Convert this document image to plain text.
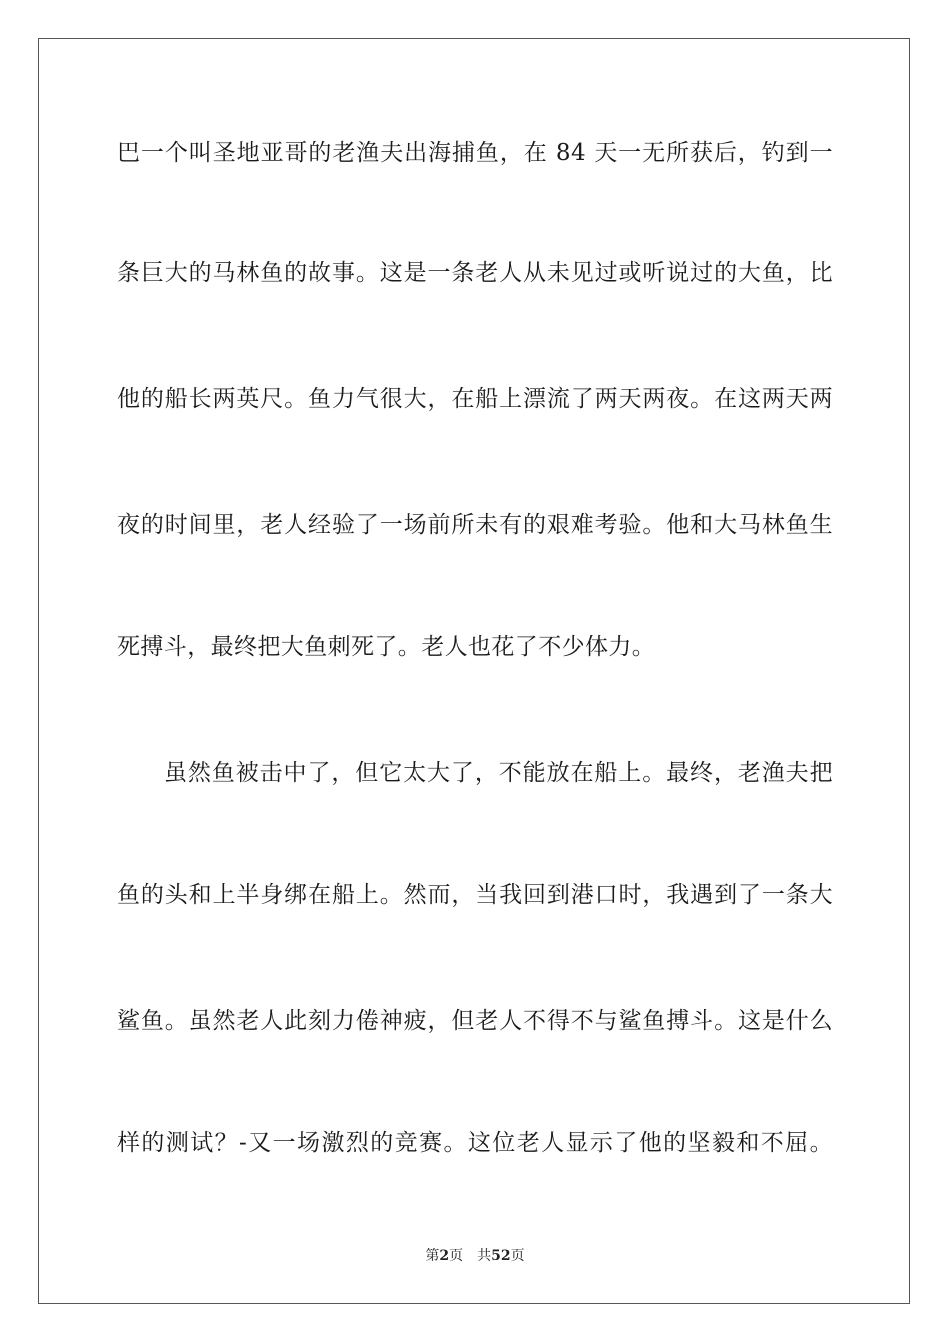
巴一个叫圣地亚哥的老渔夫出海捕鱼，在 84 天一无所获后，钓到一
条巨大的马林鱼的故事。这是一条老人从未见过或听说过的大鱼，比
他的船长两英尺。鱼力气很大，在船上漂流了两天两夜。在这两天两
夜的时间里，老人经验了一场前所未有的艰难考验。他和大马林鱼生
死搏斗，最终把大鱼刺死了。老人也花了不少体力。
虽然鱼被击中了，但它太大了，不能放在船上。最终，老渔夫把
鱼的头和上半身绑在船上。然而，当我回到港口时，我遇到了一条大
鲨鱼。虽然老人此刻力倦神疲，但老人不得不与鲨鱼搏斗。这是什么
样的测试？-又一场激烈的竞赛。这位老人显示了他的坚毅和不屈。
第2页 共52页
